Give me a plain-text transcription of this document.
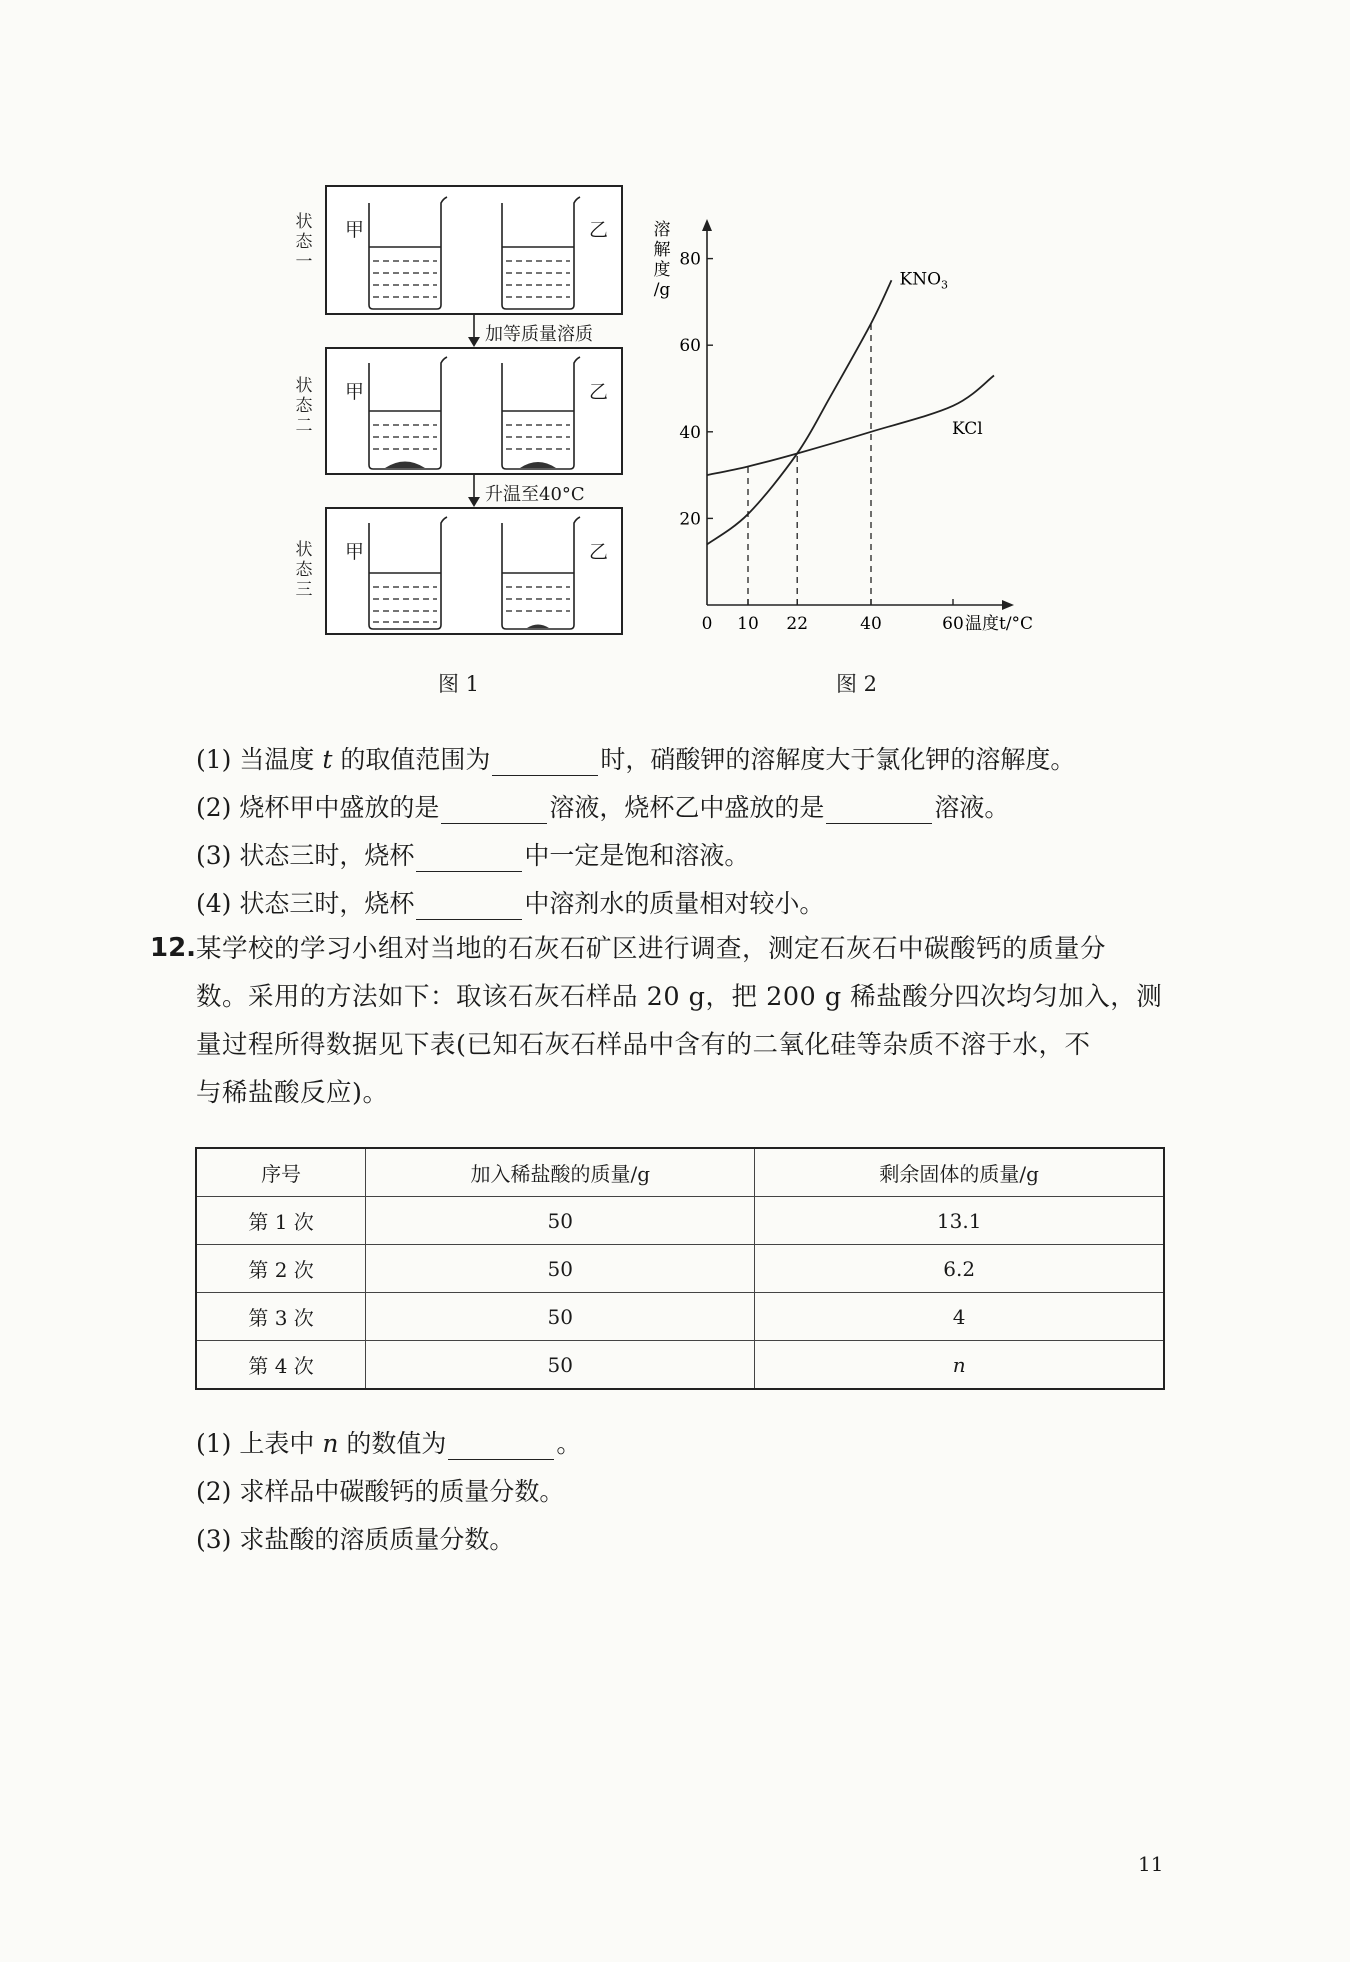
甲	乙
状态一
加等质量溶质
甲	乙
状态二
升温至40°C
甲	乙
状态三
图 1
20
40
60
80
0 10 22	40	60 温度t/°C
溶解度/g
$KNO_3$
KCl
图 2
(1) 当温度 t 的取值范围为	时，硝酸钾的溶解度大于氯化钾的溶解度。
(2) 烧杯甲中盛放的是	溶液，烧杯乙中盛放的是	溶液。
(3) 状态三时，烧杯	中一定是饱和溶液。
(4) 状态三时，烧杯	中溶剂水的质量相对较小。
12. 某学校的学习小组对当地的石灰石矿区进行调查，测定石灰石中碳酸钙的质量分
数。采用的方法如下：取该石灰石样品 20 g，把 200 g 稀盐酸分四次均匀加入，测
量过程所得数据见下表(已知石灰石样品中含有的二氧化硅等杂质不溶于水，不
与稀盐酸反应)。
序号	加入稀盐酸的质量/g	剩余固体的质量/g
第 1 次	50	13.1
第 2 次	50	6.2
第 3 次	50	4
第 4 次	50	n
(1) 上表中 n 的数值为	。
(2) 求样品中碳酸钙的质量分数。
(3) 求盐酸的溶质质量分数。
11
